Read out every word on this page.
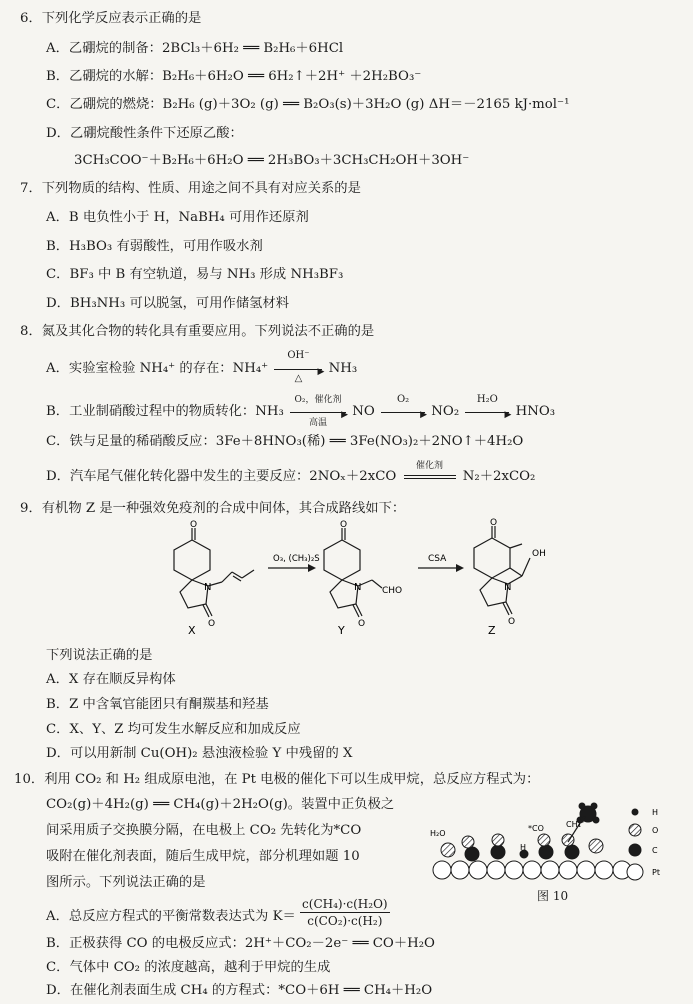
6．下列化学反应表示正确的是
A．乙硼烷的制备：2BCl₃＋6H₂ ══ B₂H₆＋6HCl
B．乙硼烷的水解：B₂H₆＋6H₂O ══ 6H₂↑＋2H⁺ ＋2H₂BO₃⁻
C．乙硼烷的燃烧：B₂H₆ (g)＋3O₂ (g) ══ B₂O₃(s)＋3H₂O (g) ΔH＝－2165 kJ·mol⁻¹
D．乙硼烷酸性条件下还原乙酸：
3CH₃COO⁻＋B₂H₆＋6H₂O ══ 2H₃BO₃＋3CH₃CH₂OH＋3OH⁻
7．下列物质的结构、性质、用途之间不具有对应关系的是
A．B 电负性小于 H，NaBH₄ 可用作还原剂
B．H₃BO₃ 有弱酸性，可用作吸水剂
C．BF₃ 中 B 有空轨道，易与 NH₃ 形成 NH₃BF₃
D．BH₃NH₃ 可以脱氢，可用作储氢材料
8．氮及其化合物的转化具有重要应用。下列说法不正确的是
A．实验室检验 NH₄⁺ 的存在：NH₄⁺
OH⁻
▶
△
NH₃
B．工业制硝酸过程中的物质转化：NH₃
O₂，催化剂
▶
高温
NO
O₂
▶ NO₂
H₂O
▶ HNO₃
C．铁与足量的稀硝酸反应：3Fe＋8HNO₃(稀) ══ 3Fe(NO₃)₂＋2NO↑＋4H₂O
D．汽车尾气催化转化器中发生的主要反应：2NOₓ＋2xCO
催化剂
N₂＋2xCO₂
9．有机物 Z 是一种强效免疫剂的合成中间体，其合成路线如下：
O
N
O
X
O₃, (CH₃)₂S
O
N
O
CHO
Y
CSA
O
OH
N
O
Z
下列说法正确的是
A．X 存在顺反异构体
B．Z 中含氧官能团只有酮羰基和羟基
C．X、Y、Z 均可发生水解反应和加成反应
D．可以用新制 Cu(OH)₂ 悬浊液检验 Y 中残留的 X
10．利用 CO₂ 和 H₂ 组成原电池，在 Pt 电极的催化下可以生成甲烷，总反应方程式为：
CO₂(g)＋4H₂(g) ══ CH₄(g)＋2H₂O(g)。装置中正负极之
间采用质子交换膜分隔，在电极上 CO₂ 先转化为*CO
吸附在催化剂表面，随后生成甲烷，部分机理如题 10
图所示。下列说法正确的是
H₂O
*CO
H
CH₄
H
O
C
Pt
图 10
A．总反应方程式的平衡常数表达式为 $K= \frac{\text{c(CH₄)·c(H₂O)}}{\text{c(CO₂)·c(H₂)}}$
B．正极获得 CO 的电极反应式：2H⁺＋CO₂－2e⁻ ══ CO＋H₂O
C．气体中 CO₂ 的浓度越高，越利于甲烷的生成
D．在催化剂表面生成 CH₄ 的方程式：*CO＋6H ══ CH₄＋H₂O
